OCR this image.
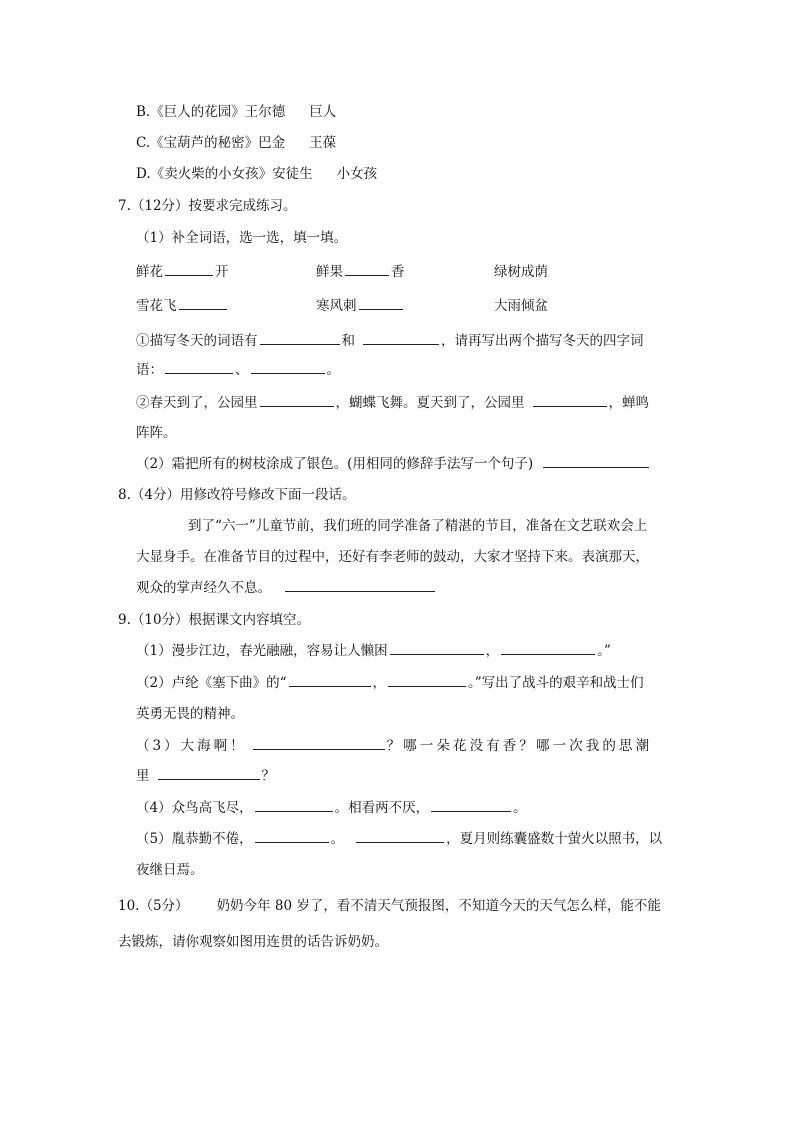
B.《巨人的花园》王尔德 巨人
C.《宝葫芦的秘密》巴金 王葆
D.《卖火柴的小女孩》安徒生 小女孩
7.（12分）按要求完成练习。
（1）补全词语，选一选，填一填。
鲜花	开	鲜果	香	绿树成荫
雪花飞	寒风刺	大雨倾盆
①描写冬天的词语有	和	，请再写出两个描写冬天的四字词
语：	、	。
②春天到了，公园里	，蝴蝶飞舞。夏天到了，公园里	，蝉鸣
阵阵。
（2）霜把所有的树枝涂成了银色。(用相同的修辞手法写一个句子)
8.（4分）用修改符号修改下面一段话。
到了“六一”儿童节前，我们班的同学准备了精湛的节目，准备在文艺联欢会上
大显身手。在准备节目的过程中，还好有李老师的鼓动，大家才坚持下来。表演那天，
观众的掌声经久不息。
9.（10分）根据课文内容填空。
（1）漫步江边，春光融融，容易让人懒困	，	。”
（2）卢纶《塞下曲》的“	，	。”写出了战斗的艰辛和战士们
英勇无畏的精神。
（3）大海啊！	？哪一朵花没有香？哪一次我的思潮
里	？
（4）众鸟高飞尽，	。相看两不厌，	。
（5）胤恭勤不倦，	。	，夏月则练囊盛数十萤火以照书，以
夜继日焉。
10.（5分） 奶奶今年 80 岁了，看不清天气预报图，不知道今天的天气怎么样，能不能
去锻炼，请你观察如图用连贯的话告诉奶奶。
